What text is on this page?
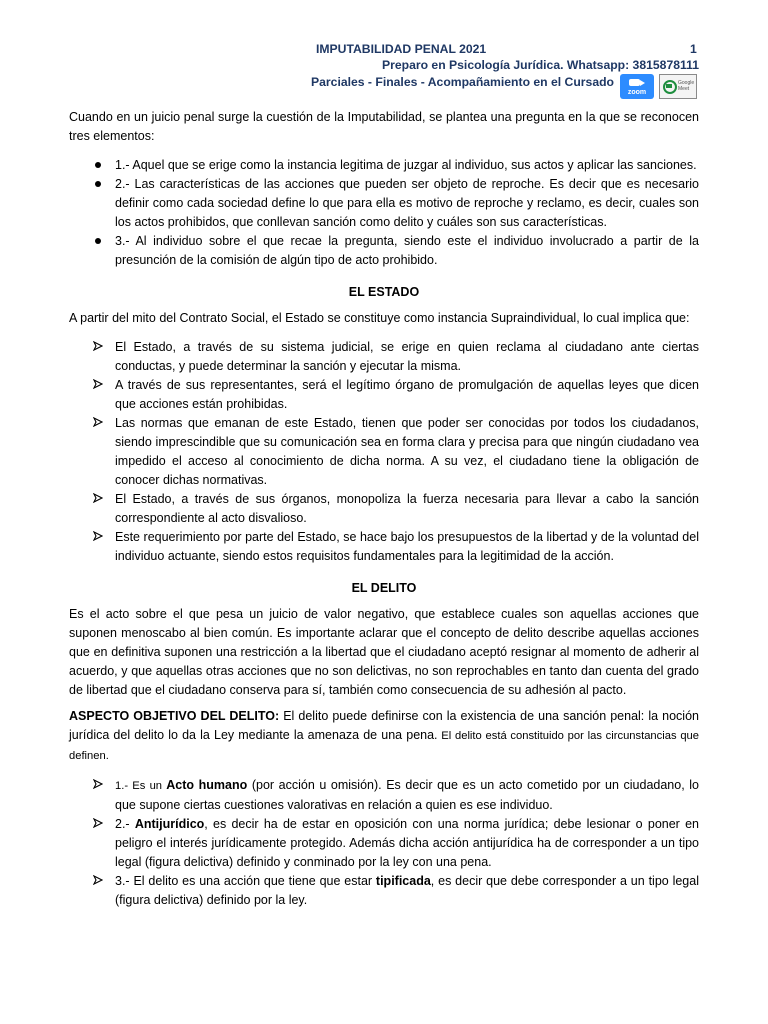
IMPUTABILIDAD PENAL 2021	1
Preparo en Psicología Jurídica. Whatsapp: 3815878111
Parciales - Finales - Acompañamiento en el Cursado
zoom
Google Meet

Cuando en un juicio penal surge la cuestión de la Imputabilidad, se plantea una pregunta en la que se reconocen tres elementos:

1.- Aquel que se erige como la instancia legitima de juzgar al individuo, sus actos y aplicar las sanciones.
2.- Las características de las acciones que pueden ser objeto de reproche. Es decir que es necesario definir como cada sociedad define lo que para ella es motivo de reproche y reclamo, es decir, cuales son los actos prohibidos, que conllevan sanción como delito y cuáles son sus características.
3.- Al individuo sobre el que recae la pregunta, siendo este el individuo involucrado a partir de la presunción de la comisión de algún tipo de acto prohibido.
EL ESTADO

A partir del mito del Contrato Social, el Estado se constituye como instancia Supraindividual, lo cual implica que:

El Estado, a través de su sistema judicial, se erige en quien reclama al ciudadano ante ciertas conductas, y puede determinar la sanción y ejecutar la misma.
A través de sus representantes, será el legítimo órgano de promulgación de aquellas leyes que dicen que acciones están prohibidas.
Las normas que emanan de este Estado, tienen que poder ser conocidas por todos los ciudadanos, siendo imprescindible que su comunicación sea en forma clara y precisa para que ningún ciudadano vea impedido el acceso al conocimiento de dicha norma. A su vez, el ciudadano tiene la obligación de conocer dichas normativas.
El Estado, a través de sus órganos, monopoliza la fuerza necesaria para llevar a cabo la sanción correspondiente al acto disvalioso.
Este requerimiento por parte del Estado, se hace bajo los presupuestos de la libertad y de la voluntad del individuo actuante, siendo estos requisitos fundamentales para la legitimidad de la acción.
EL DELITO

Es el acto sobre el que pesa un juicio de valor negativo, que establece cuales son aquellas acciones que suponen menoscabo al bien común. Es importante aclarar que el concepto de delito describe aquellas acciones que en definitiva suponen una restricción a la libertad que el ciudadano aceptó resignar al momento de adherir al acuerdo, y que aquellas otras acciones que no son delictivas, no son reprochables en tanto dan cuenta del grado de libertad que el ciudadano conserva para sí, también como consecuencia de su adhesión al pacto.

ASPECTO OBJETIVO DEL DELITO: El delito puede definirse con la existencia de una sanción penal: la noción jurídica del delito lo da la Ley mediante la amenaza de una pena. El delito está constituido por las circunstancias que definen.

1.- Es un Acto humano (por acción u omisión). Es decir que es un acto cometido por un ciudadano, lo que supone ciertas cuestiones valorativas en relación a quien es ese individuo.
2.- Antijurídico, es decir ha de estar en oposición con una norma jurídica; debe lesionar o poner en peligro el interés jurídicamente protegido. Además dicha acción antijurídica ha de corresponder a un tipo legal (figura delictiva) definido y conminado por la ley con una pena.
3.- El delito es una acción que tiene que estar tipificada, es decir que debe corresponder a un tipo legal (figura delictiva) definido por la ley.
